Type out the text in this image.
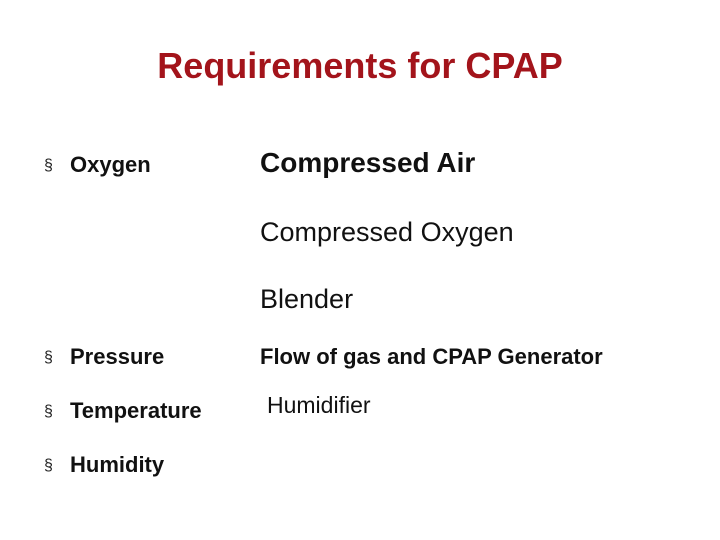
Requirements for CPAP
§ Oxygen	Compressed Air
Compressed Oxygen
Blender
§ Pressure	Flow of gas and CPAP Generator
§ Temperature	Humidifier
§ Humidity
